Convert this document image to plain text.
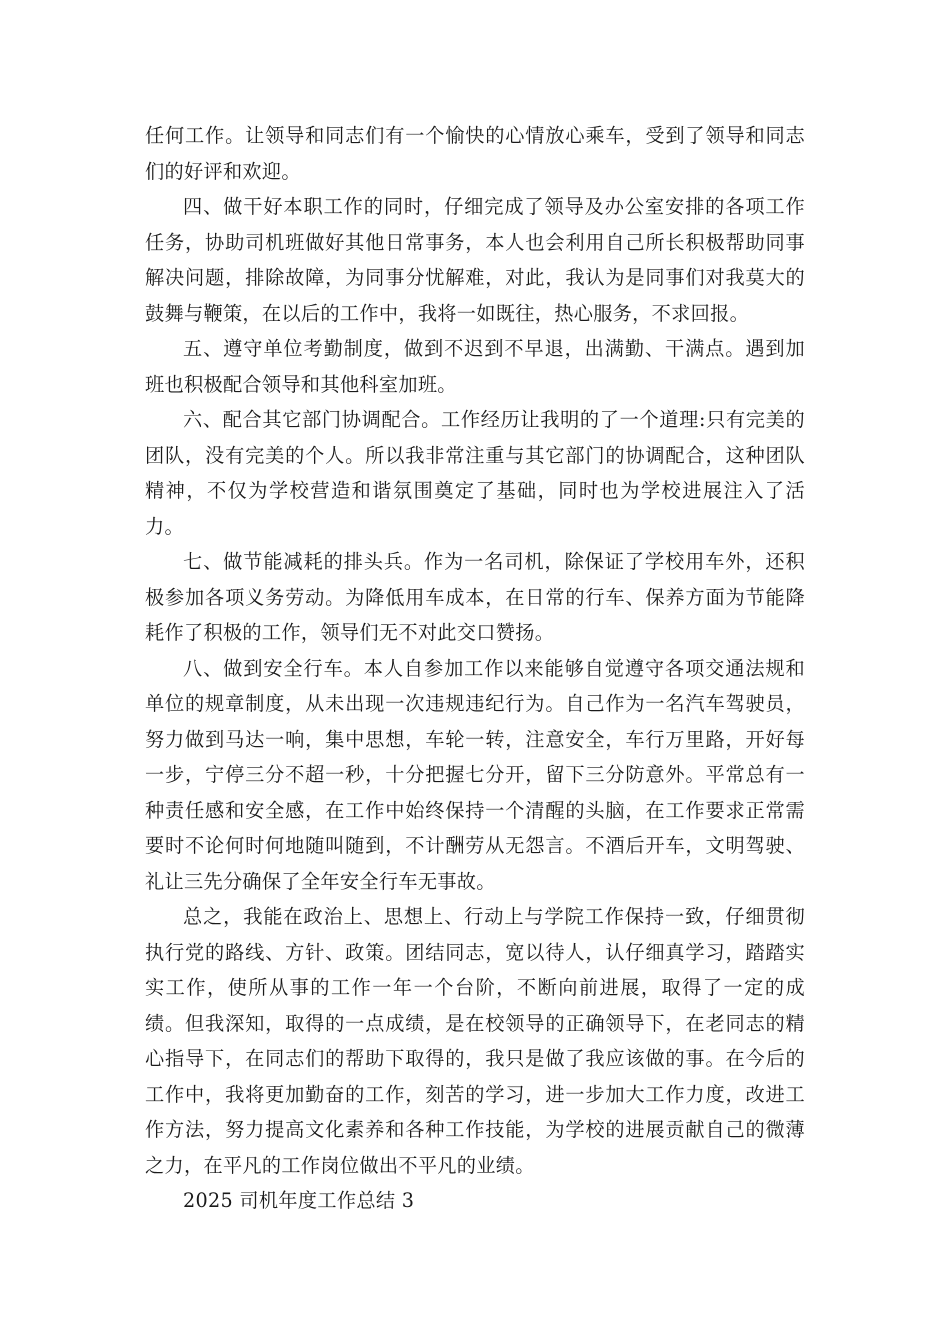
任何工作。让领导和同志们有一个愉快的心情放心乘车，受到了领导和同志们的好评和欢迎。

四、做干好本职工作的同时，仔细完成了领导及办公室安排的各项工作任务，协助司机班做好其他日常事务，本人也会利用自己所长积极帮助同事解决问题，排除故障，为同事分忧解难，对此，我认为是同事们对我莫大的鼓舞与鞭策，在以后的工作中，我将一如既往，热心服务，不求回报。

五、遵守单位考勤制度，做到不迟到不早退，出满勤、干满点。遇到加班也积极配合领导和其他科室加班。

六、配合其它部门协调配合。工作经历让我明的了一个道理:只有完美的团队，没有完美的个人。所以我非常注重与其它部门的协调配合，这种团队精神，不仅为学校营造和谐氛围奠定了基础，同时也为学校进展注入了活力。

七、做节能减耗的排头兵。作为一名司机，除保证了学校用车外，还积极参加各项义务劳动。为降低用车成本，在日常的行车、保养方面为节能降耗作了积极的工作，领导们无不对此交口赞扬。

八、做到安全行车。本人自参加工作以来能够自觉遵守各项交通法规和单位的规章制度，从未出现一次违规违纪行为。自己作为一名汽车驾驶员，努力做到马达一响，集中思想，车轮一转，注意安全，车行万里路，开好每一步，宁停三分不超一秒，十分把握七分开，留下三分防意外。平常总有一种责任感和安全感，在工作中始终保持一个清醒的头脑，在工作要求正常需要时不论何时何地随叫随到，不计酬劳从无怨言。不酒后开车，文明驾驶、礼让三先分确保了全年安全行车无事故。

总之，我能在政治上、思想上、行动上与学院工作保持一致，仔细贯彻执行党的路线、方针、政策。团结同志，宽以待人，认仔细真学习，踏踏实实工作，使所从事的工作一年一个台阶，不断向前进展，取得了一定的成绩。但我深知，取得的一点成绩，是在校领导的正确领导下，在老同志的精心指导下，在同志们的帮助下取得的，我只是做了我应该做的事。在今后的工作中，我将更加勤奋的工作，刻苦的学习，进一步加大工作力度，改进工作方法，努力提高文化素养和各种工作技能，为学校的进展贡献自己的微薄之力，在平凡的工作岗位做出不平凡的业绩。

2025 司机年度工作总结 3
